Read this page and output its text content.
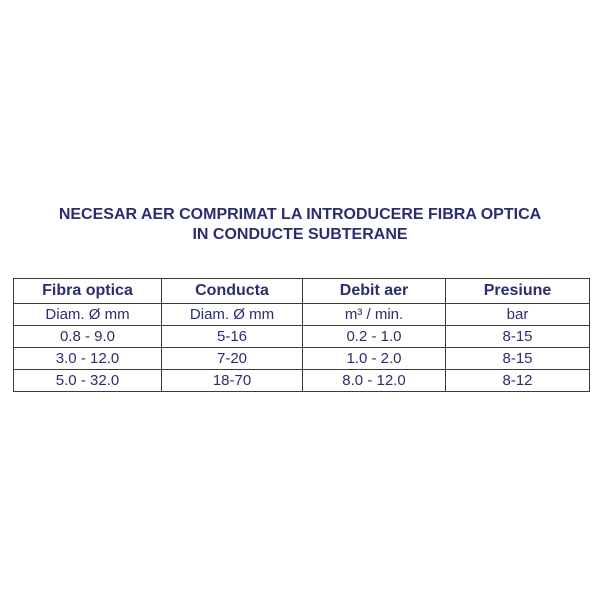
NECESAR AER COMPRIMAT LA INTRODUCERE FIBRA OPTICA
IN CONDUCTE SUBTERANE
Fibra optica	Conducta	Debit aer	Presiune
Diam. Ø mm	Diam. Ø mm	m³ / min.	bar
0.8 - 9.0	5-16	0.2 - 1.0	8-15
3.0 - 12.0	7-20	1.0 - 2.0	8-15
5.0 - 32.0	18-70	8.0 - 12.0	8-12
